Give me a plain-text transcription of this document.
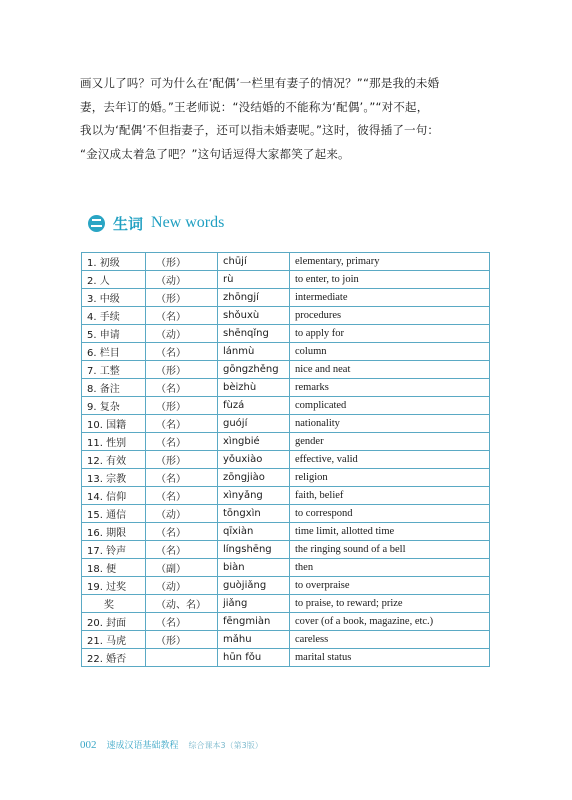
画又儿了吗？可为什么在‘配偶’一栏里有妻子的情况？”“那是我的未婚
妻，去年订的婚。”王老师说：“没结婚的不能称为‘配偶’。”“对不起，
我以为‘配偶’不但指妻子，还可以指未婚妻呢。”这时，彼得插了一句：
“金汉成太着急了吧？”这句话逗得大家都笑了起来。

生词 New words
1. 初级	（形）	chūjí	elementary, primary
2. 人	（动）	rù	to enter, to join
3. 中级	（形）	zhōngjí	intermediate
4. 手续	（名）	shǒuxù	procedures
5. 申请	（动）	shēnqǐng	to apply for
6. 栏目	（名）	lánmù	column
7. 工整	（形）	gōngzhěng	nice and neat
8. 备注	（名）	bèizhù	remarks
9. 复杂	（形）	fùzá	complicated
10. 国籍	（名）	guójí	nationality
11. 性别	（名）	xìngbié	gender
12. 有效	（形）	yǒuxiào	effective, valid
13. 宗教	（名）	zōngjiào	religion
14. 信仰	（名）	xìnyǎng	faith, belief
15. 通信	（动）	tōngxìn	to correspond
16. 期限	（名）	qīxiàn	time limit, allotted time
17. 铃声	（名）	língshēng	the ringing sound of a bell
18. 便	（副）	biàn	then
19. 过奖	（动）	guòjiǎng	to overpraise
奖	（动、名）	jiǎng	to praise, to reward; prize
20. 封面	（名）	fēngmiàn	cover (of a book, magazine, etc.)
21. 马虎	（形）	mǎhu	careless
22. 婚否		hūn fǒu	marital status
002 速成汉语基础教程 综合课本3（第3版）
